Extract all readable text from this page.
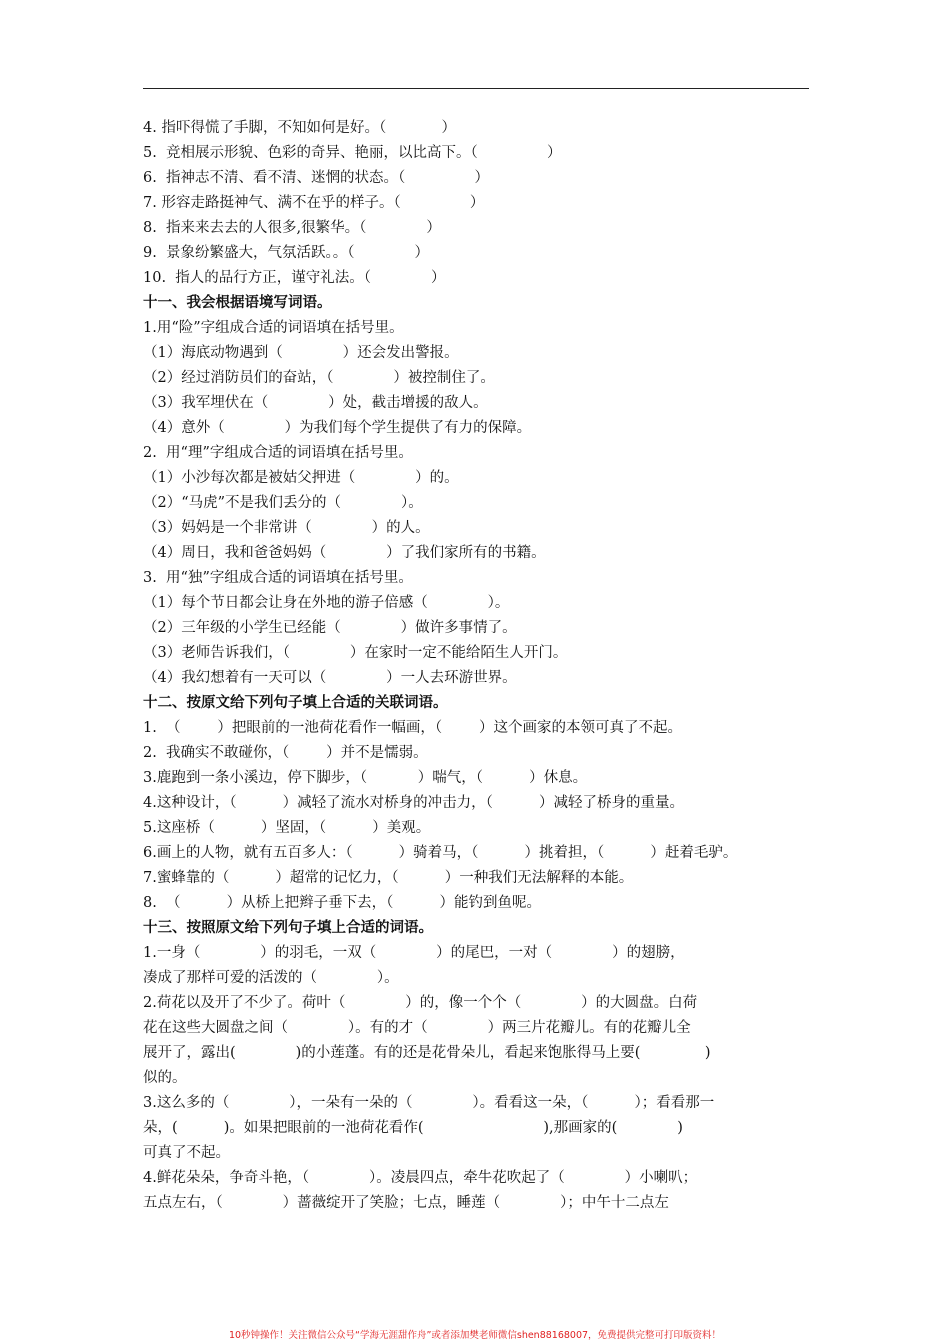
4. 指吓得慌了手脚，不知如何是好。（            ）
5.  竞相展示形貌、色彩的奇异、艳丽，以比高下。（               ）
6.  指神志不清、看不清、迷惘的状态。（               ）
7. 形容走路挺神气、满不在乎的样子。（               ）
8.  指来来去去的人很多,很繁华。（             ）
9.  景象纷繁盛大，气氛活跃。。（             ）
10.  指人的品行方正，谨守礼法。（             ）
十一、我会根据语境写词语。
1.用“险”字组成合适的词语填在括号里。
（1）海底动物遇到（             ）还会发出警报。
（2）经过消防员们的奋站，（             ）被控制住了。
（3）我军埋伏在（             ）处，截击增援的敌人。
（4）意外（             ）为我们每个学生提供了有力的保障。
2.  用“理”字组成合适的词语填在括号里。
（1）小沙每次都是被姑父押进（             ）的。
（2）“马虎”不是我们丢分的（             ）。
（3）妈妈是一个非常讲（             ）的人。
（4）周日，我和爸爸妈妈（             ）了我们家所有的书籍。
3.  用“独”字组成合适的词语填在括号里。
（1）每个节日都会让身在外地的游子倍感（             ）。
（2）三年级的小学生已经能（             ）做许多事情了。
（3）老师告诉我们，（             ）在家时一定不能给陌生人开门。
（4）我幻想着有一天可以（             ）一人去环游世界。
十二、按原文给下列句子填上合适的关联词语。
1.  （        ）把眼前的一池荷花看作一幅画，（        ）这个画家的本领可真了不起。
2.  我确实不敢碰你，（        ）并不是懦弱。
3.鹿跑到一条小溪边，停下脚步，（           ）喘气，（          ）休息。
4.这种设计，（          ）减轻了流水对桥身的冲击力，（          ）减轻了桥身的重量。
5.这座桥（          ）坚固，（          ）美观。
6.画上的人物，就有五百多人：（          ）骑着马，（          ）挑着担，（          ）赶着毛驴。
7.蜜蜂靠的（          ）超常的记忆力，（          ）一种我们无法解释的本能。
8.  （          ）从桥上把辫子垂下去，（          ）能钓到鱼呢。
十三、按照原文给下列句子填上合适的词语。
1.一身（             ）的羽毛，一双（             ）的尾巴，一对（             ）的翅膀，
凑成了那样可爱的活泼的（             ）。
2.荷花以及开了不少了。荷叶（             ）的，像一个个（             ）的大圆盘。白荷
花在这些大圆盘之间（             ）。有的才（             ）两三片花瓣儿。有的花瓣儿全
展开了，露出(             )的小莲蓬。有的还是花骨朵儿，看起来饱胀得马上要(              )
似的。
3.这么多的（             ），一朵有一朵的（             ）。看看这一朵，（          ）；看看那一
朵，(          )。如果把眼前的一池荷花看作(                          ),那画家的(             )
可真了不起。
4.鲜花朵朵，争奇斗艳，（             ）。凌晨四点，牵牛花吹起了（             ）小喇叭；
五点左右，（             ）蔷薇绽开了笑脸；七点，睡莲（             ）；中午十二点左
10秒钟操作！关注微信公众号“学海无涯甜作舟”或者添加樊老师微信shen88168007，免费提供完整可打印版资料！
